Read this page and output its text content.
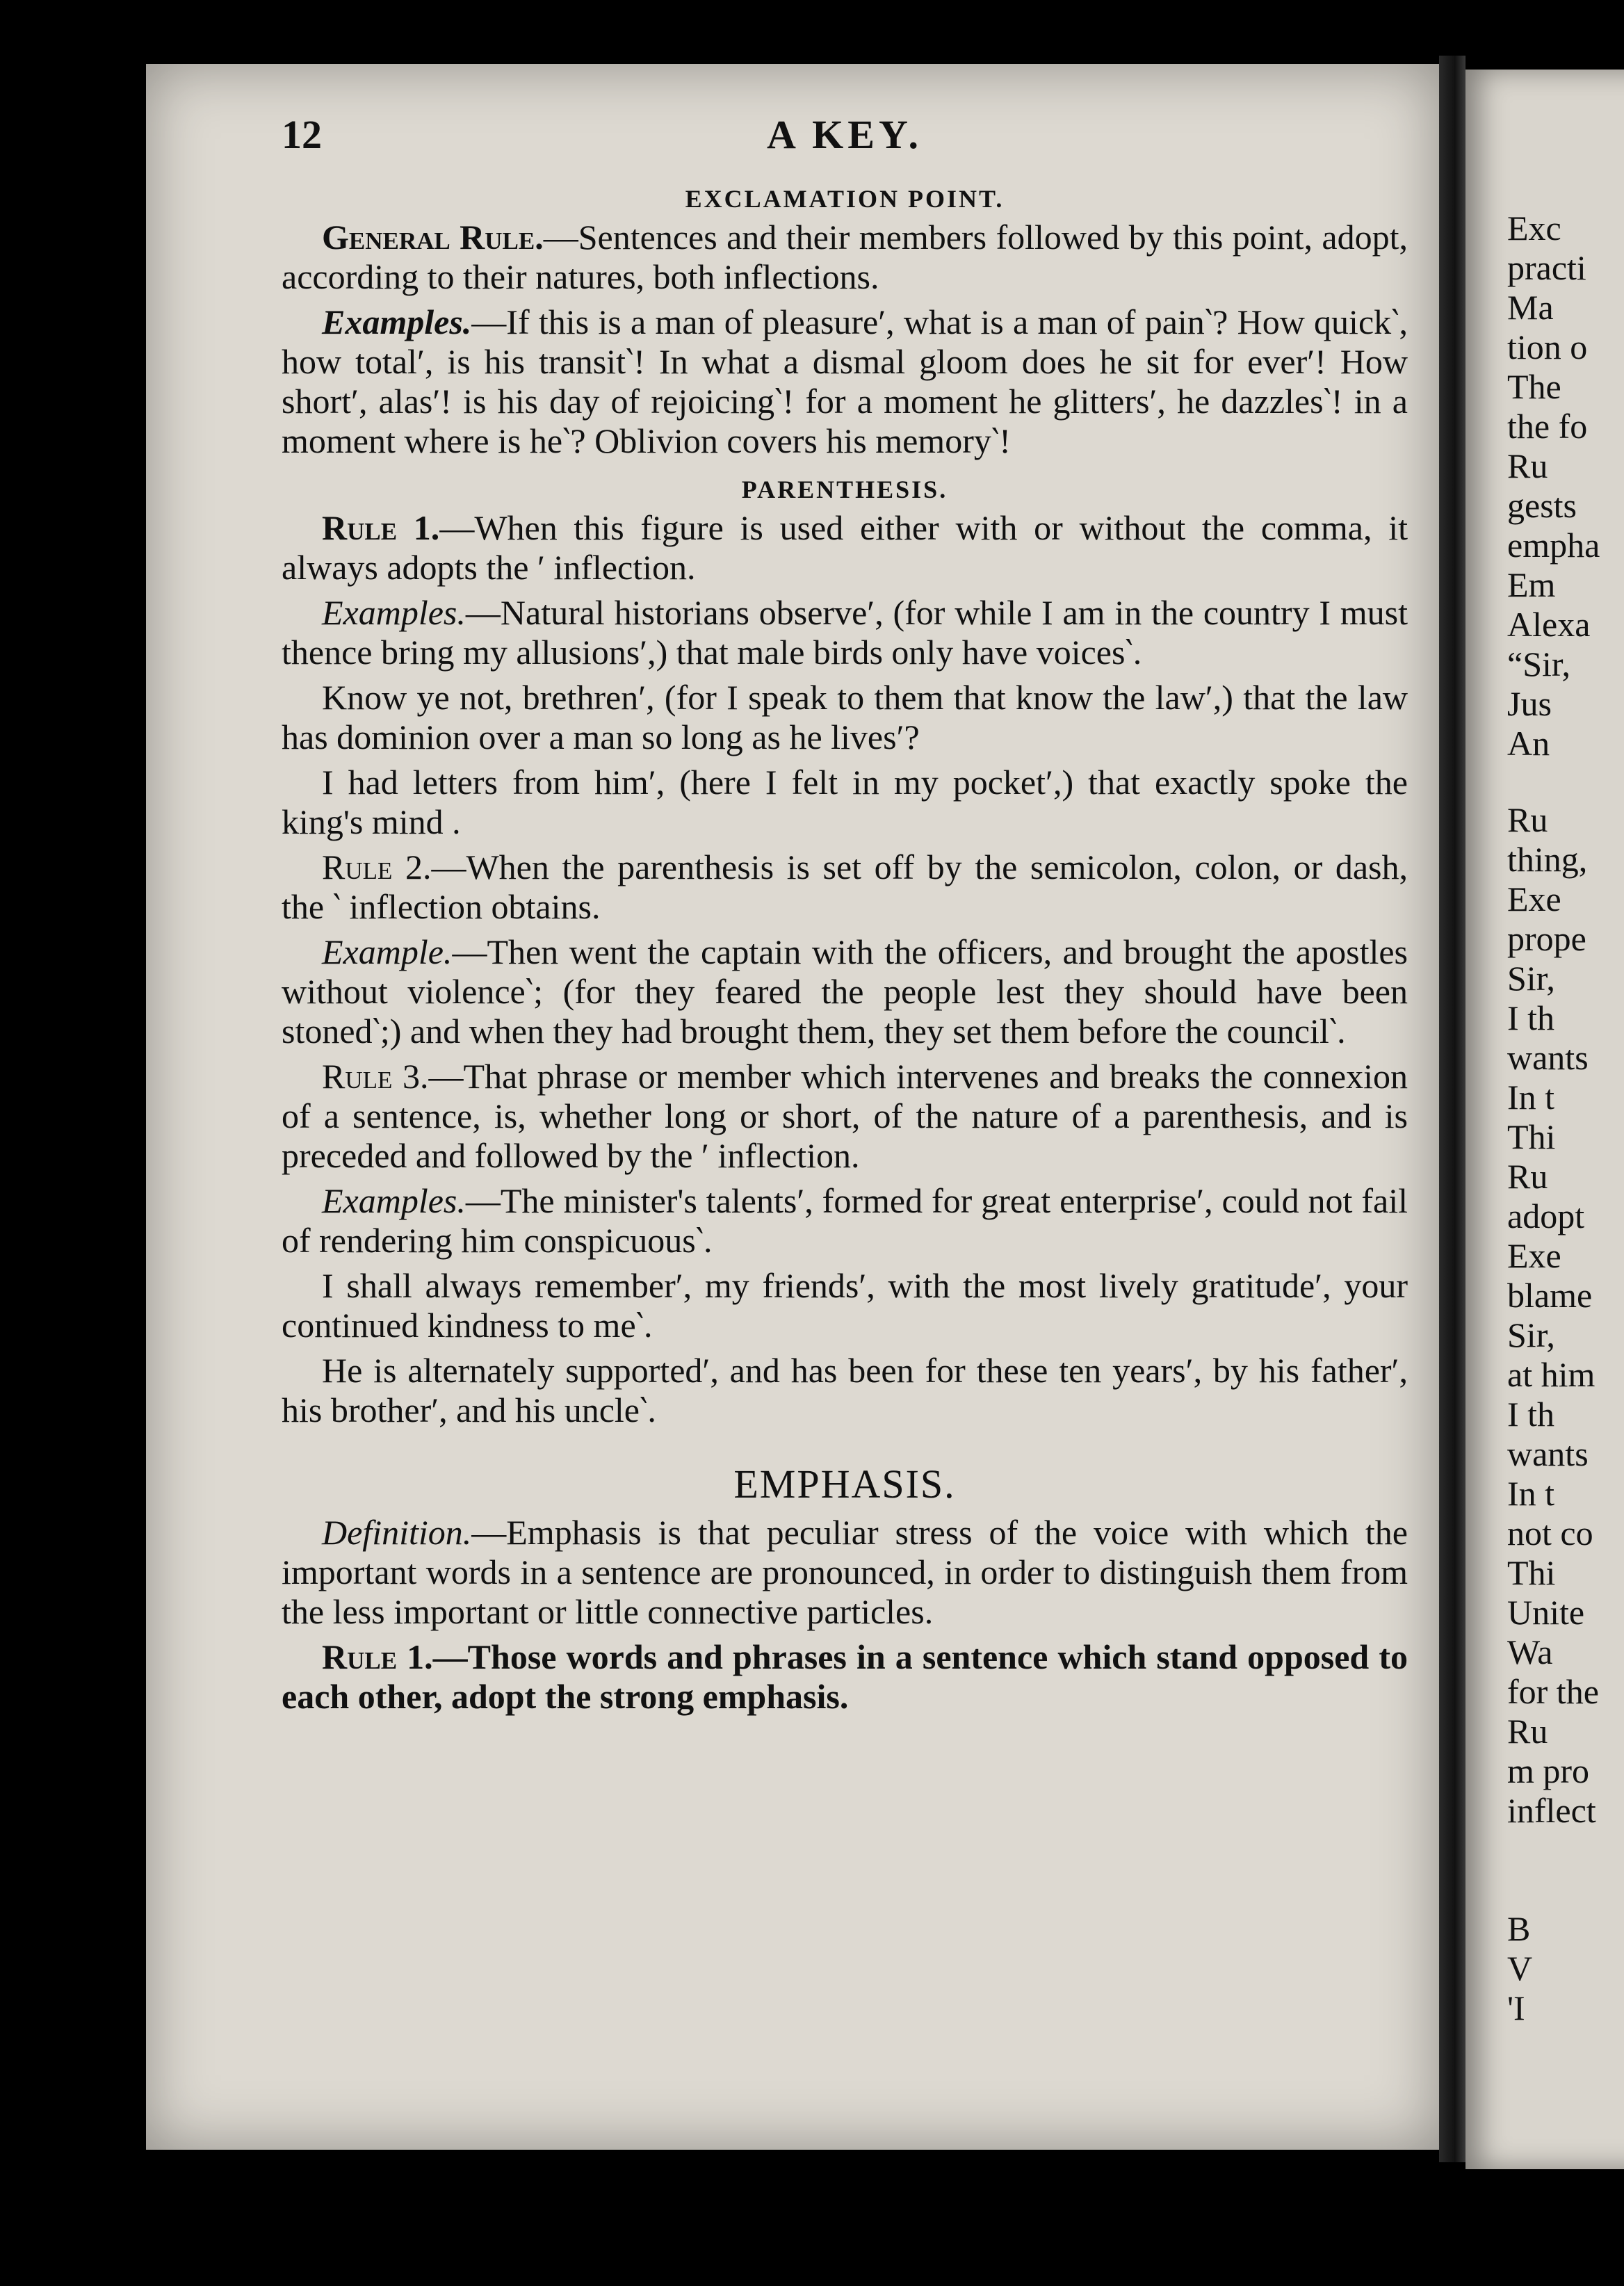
Exc
practi
Ma
tion o
The
the fo
Ru
gests
empha
Em
Alexa
“Sir,
Jus
An
Ru
thing,
Exe
prope
Sir,
I th
wants
In t
Thi
Ru
adopt
Exe
blame
Sir,
at him
I th
wants
In t
not co
Thi
Unite
Wa
for the
Ru
m pro
inflect
B
V
'I
12	A KEY.
EXCLAMATION POINT.

General Rule.—Sentences and their members followed by this point, adopt, according to their natures, both inflections.

Examples.—If this is a man of pleasure′, what is a man of pain‵? How quick‵, how total′, is his transit‵! In what a dismal gloom does he sit for ever′! How short′, alas′! is his day of rejoicing‵! for a moment he glitters′, he dazzles‵! in a moment where is he‵? Oblivion covers his memory‵!

PARENTHESIS.

Rule 1.—When this figure is used either with or without the comma, it always adopts the ′ inflection.

Examples.—Natural historians observe′, (for while I am in the country I must thence bring my allusions′,) that male birds only have voices‵.

Know ye not, brethren′, (for I speak to them that know the law′,) that the law has dominion over a man so long as he lives′?

I had letters from him′, (here I felt in my pocket′,) that exactly spoke the king's mind .

Rule 2.—When the parenthesis is set off by the semicolon, colon, or dash, the ‵ inflection obtains.

Example.—Then went the captain with the officers, and brought the apostles without violence‵; (for they feared the people lest they should have been stoned‵;) and when they had brought them, they set them before the council‵.

Rule 3.—That phrase or member which intervenes and breaks the connexion of a sentence, is, whether long or short, of the nature of a parenthesis, and is preceded and followed by the ′ inflection.

Examples.—The minister's talents′, formed for great enterprise′, could not fail of rendering him conspicuous‵.

I shall always remember′, my friends′, with the most lively gratitude′, your continued kindness to me‵.

He is alternately supported′, and has been for these ten years′, by his father′, his brother′, and his uncle‵.

EMPHASIS.

Definition.—Emphasis is that peculiar stress of the voice with which the important words in a sentence are pronounced, in order to distinguish them from the less important or little connective particles.

Rule 1.—Those words and phrases in a sentence which stand opposed to each other, adopt the strong emphasis.
